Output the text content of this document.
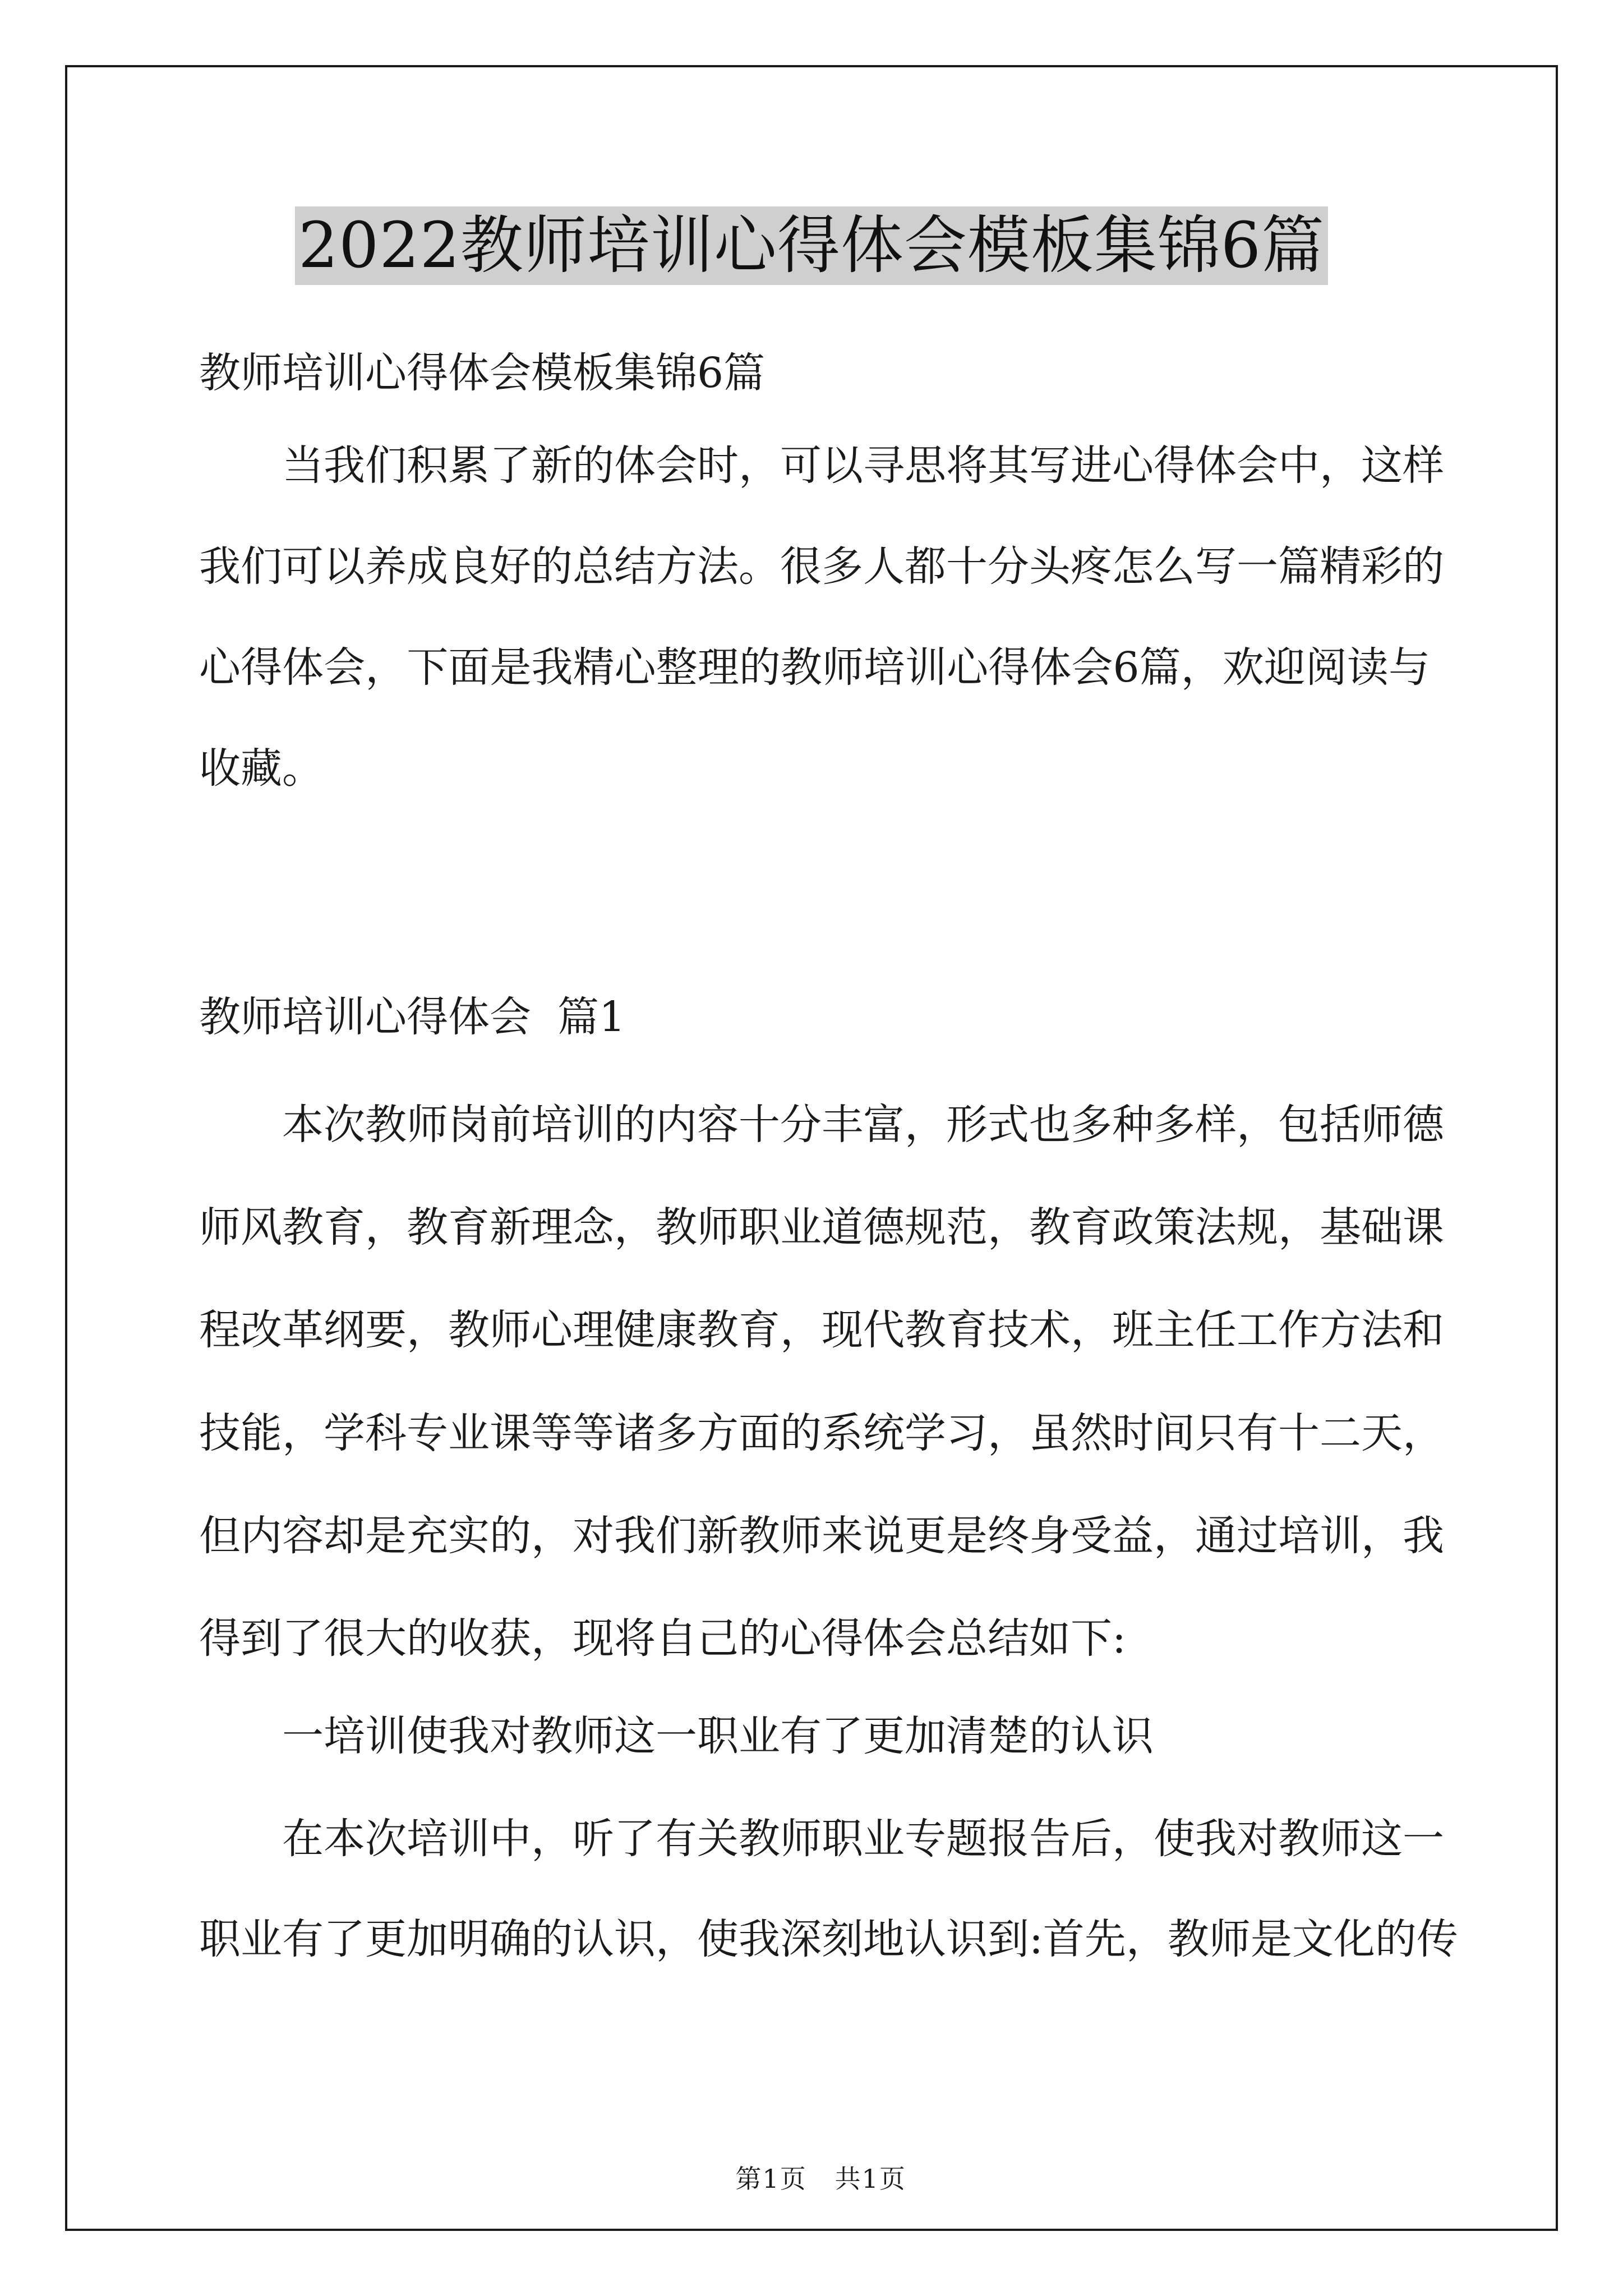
2022教师培训心得体会模板集锦6篇
教师培训心得体会模板集锦6篇
当我们积累了新的体会时，可以寻思将其写进心得体会中，这样
我们可以养成良好的总结方法。很多人都十分头疼怎么写一篇精彩的
心得体会，下面是我精心整理的教师培训心得体会6篇，欢迎阅读与
收藏。
教师培训心得体会  篇1
本次教师岗前培训的内容十分丰富，形式也多种多样，包括师德
师风教育，教育新理念，教师职业道德规范，教育政策法规，基础课
程改革纲要，教师心理健康教育，现代教育技术，班主任工作方法和
技能，学科专业课等等诸多方面的系统学习，虽然时间只有十二天，
但内容却是充实的，对我们新教师来说更是终身受益，通过培训，我
得到了很大的收获，现将自己的心得体会总结如下:
一培训使我对教师这一职业有了更加清楚的认识
在本次培训中，听了有关教师职业专题报告后，使我对教师这一
职业有了更加明确的认识，使我深刻地认识到:首先，教师是文化的传

第1页   共1页
